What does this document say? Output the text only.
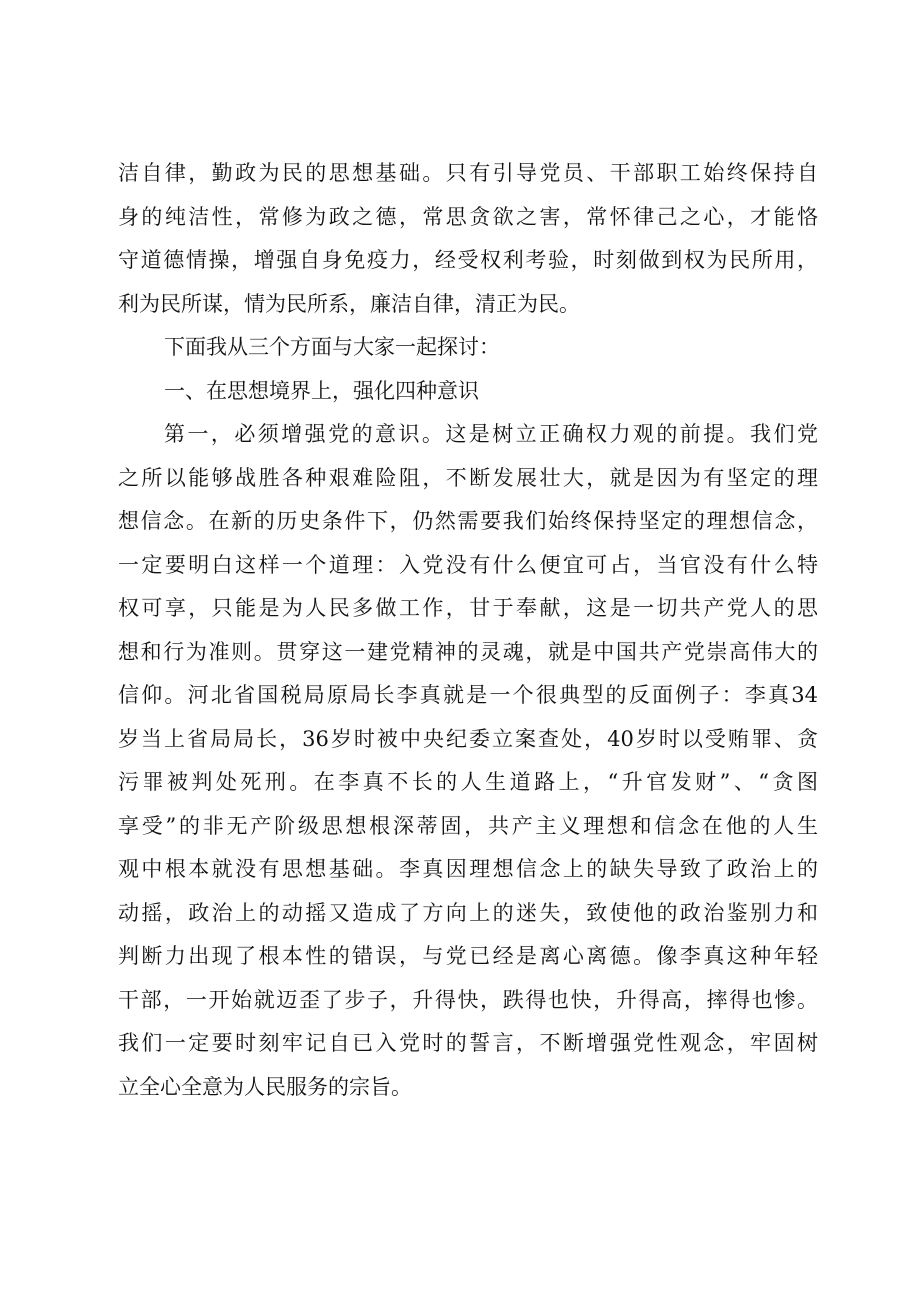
洁自律，勤政为民的思想基础。只有引导党员、干部职工始终保持自
身的纯洁性，常修为政之德，常思贪欲之害，常怀律己之心，才能恪
守道德情操，增强自身免疫力，经受权利考验，时刻做到权为民所用，
利为民所谋，情为民所系，廉洁自律，清正为民。
下面我从三个方面与大家一起探讨：
一、在思想境界上，强化四种意识
第一，必须增强党的意识。这是树立正确权力观的前提。我们党
之所以能够战胜各种艰难险阻，不断发展壮大，就是因为有坚定的理
想信念。在新的历史条件下，仍然需要我们始终保持坚定的理想信念，
一定要明白这样一个道理：入党没有什么便宜可占，当官没有什么特
权可享，只能是为人民多做工作，甘于奉献，这是一切共产党人的思
想和行为准则。贯穿这一建党精神的灵魂，就是中国共产党崇高伟大的
信仰。河北省国税局原局长李真就是一个很典型的反面例子：李真34
岁当上省局局长，36岁时被中央纪委立案查处，40岁时以受贿罪、贪
污罪被判处死刑。在李真不长的人生道路上，“升官发财”、“贪图
享受”的非无产阶级思想根深蒂固，共产主义理想和信念在他的人生
观中根本就没有思想基础。李真因理想信念上的缺失导致了政治上的
动摇，政治上的动摇又造成了方向上的迷失，致使他的政治鉴别力和
判断力出现了根本性的错误，与党已经是离心离德。像李真这种年轻
干部，一开始就迈歪了步子，升得快，跌得也快，升得高，摔得也惨。
我们一定要时刻牢记自已入党时的誓言，不断增强党性观念，牢固树
立全心全意为人民服务的宗旨。
